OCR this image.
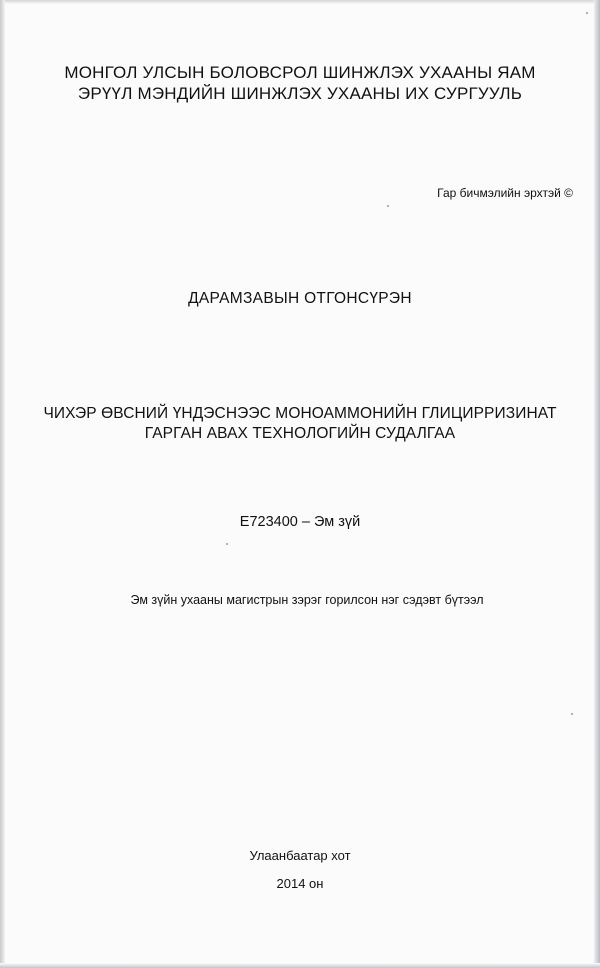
МОНГОЛ УЛСЫН БОЛОВСРОЛ ШИНЖЛЭХ УХААНЫ ЯАМ
ЭРҮҮЛ МЭНДИЙН ШИНЖЛЭХ УХААНЫ ИХ СУРГУУЛЬ
Гар бичмэлийн эрхтэй ©
ДАРАМЗАВЫН ОТГОНСҮРЭН
ЧИХЭР ӨВСНИЙ ҮНДЭСНЭЭС МОНОАММОНИЙН ГЛИЦИРРИЗИНАТ
ГАРГАН АВАХ ТЕХНОЛОГИЙН СУДАЛГАА
E723400 – Эм зүй
Эм зүйн ухааны магистрын зэрэг горилсон нэг сэдэвт бүтээл
Улаанбаатар хот
2014 он
